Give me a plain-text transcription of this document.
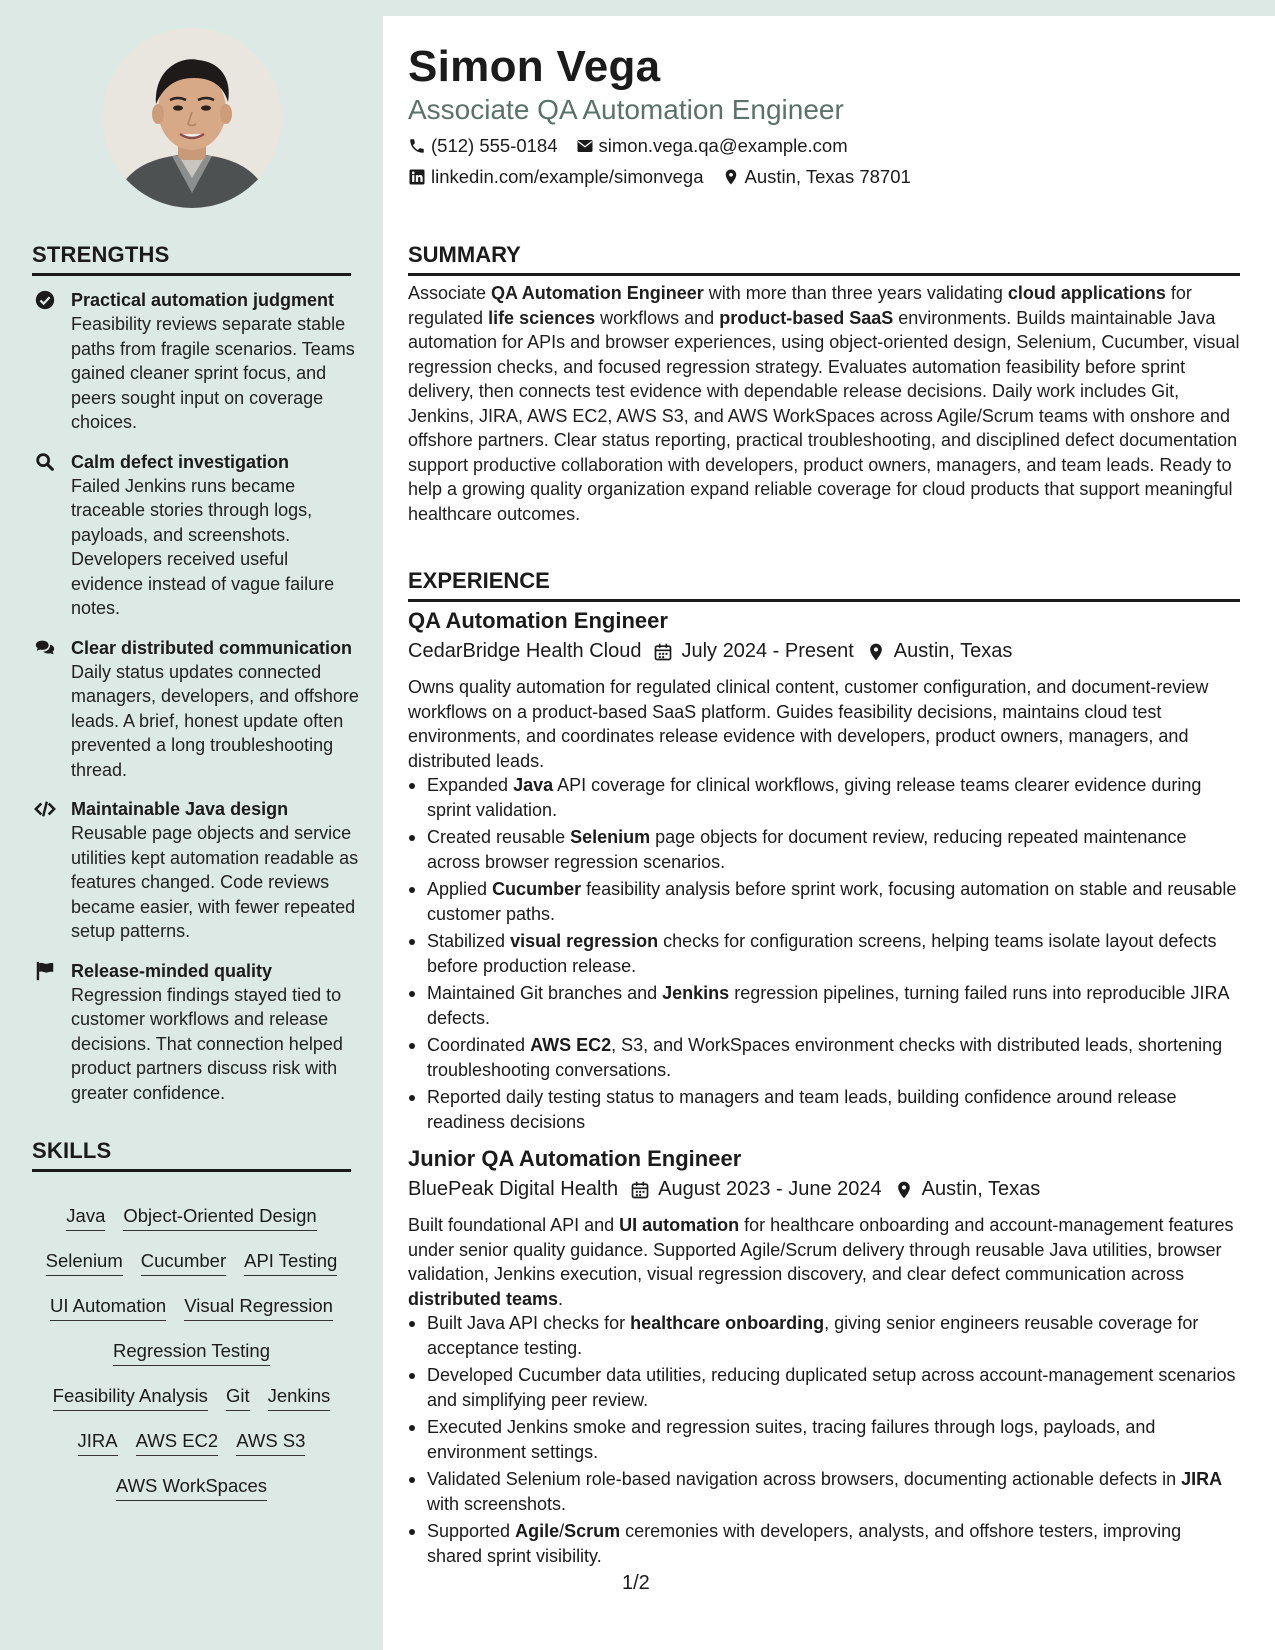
Simon Vega
Associate QA Automation Engineer
(512) 555-0184 simon.vega.qa@example.com
linkedin.com/example/simonvega Austin, Texas 78701
STRENGTHS
Practical automation judgment
Feasibility reviews separate stable paths from fragile scenarios. Teams gained cleaner sprint focus, and peers sought input on coverage choices.
Calm defect investigation
Failed Jenkins runs became traceable stories through logs, payloads, and screenshots. Developers received useful evidence instead of vague failure notes.
Clear distributed communication
Daily status updates connected managers, developers, and offshore leads. A brief, honest update often prevented a long troubleshooting thread.
Maintainable Java design
Reusable page objects and service utilities kept automation readable as features changed. Code reviews became easier, with fewer repeated setup patterns.
Release-minded quality
Regression findings stayed tied to customer workflows and release decisions. That connection helped product partners discuss risk with greater confidence.
SKILLS
Java Object-Oriented Design
Selenium Cucumber API Testing
UI Automation Visual Regression
Regression Testing
Feasibility Analysis Git Jenkins
JIRA AWS EC2 AWS S3
AWS WorkSpaces
SUMMARY
Associate QA Automation Engineer with more than three years validating cloud applications for regulated life sciences workflows and product-based SaaS environments. Builds maintainable Java automation for APIs and browser experiences, using object-oriented design, Selenium, Cucumber, visual regression checks, and focused regression strategy. Evaluates automation feasibility before sprint delivery, then connects test evidence with dependable release decisions. Daily work includes Git, Jenkins, JIRA, AWS EC2, AWS S3, and AWS WorkSpaces across Agile/Scrum teams with onshore and offshore partners. Clear status reporting, practical troubleshooting, and disciplined defect documentation support productive collaboration with developers, product owners, managers, and team leads. Ready to help a growing quality organization expand reliable coverage for cloud products that support meaningful healthcare outcomes.
EXPERIENCE
QA Automation Engineer
CedarBridge Health Cloud July 2024 - Present Austin, Texas
Owns quality automation for regulated clinical content, customer configuration, and document-review workflows on a product-based SaaS platform. Guides feasibility decisions, maintains cloud test environments, and coordinates release evidence with developers, product owners, managers, and distributed leads.
Expanded Java API coverage for clinical workflows, giving release teams clearer evidence during sprint validation.
Created reusable Selenium page objects for document review, reducing repeated maintenance across browser regression scenarios.
Applied Cucumber feasibility analysis before sprint work, focusing automation on stable and reusable customer paths.
Stabilized visual regression checks for configuration screens, helping teams isolate layout defects before production release.
Maintained Git branches and Jenkins regression pipelines, turning failed runs into reproducible JIRA defects.
Coordinated AWS EC2, S3, and WorkSpaces environment checks with distributed leads, shortening troubleshooting conversations.
Reported daily testing status to managers and team leads, building confidence around release readiness decisions
Junior QA Automation Engineer
BluePeak Digital Health August 2023 - June 2024 Austin, Texas
Built foundational API and UI automation for healthcare onboarding and account-management features under senior quality guidance. Supported Agile/Scrum delivery through reusable Java utilities, browser validation, Jenkins execution, visual regression discovery, and clear defect communication across distributed teams.
Built Java API checks for healthcare onboarding, giving senior engineers reusable coverage for acceptance testing.
Developed Cucumber data utilities, reducing duplicated setup across account-management scenarios and simplifying peer review.
Executed Jenkins smoke and regression suites, tracing failures through logs, payloads, and environment settings.
Validated Selenium role-based navigation across browsers, documenting actionable defects in JIRA with screenshots.
Supported Agile/Scrum ceremonies with developers, analysts, and offshore testers, improving shared sprint visibility.
1/2
